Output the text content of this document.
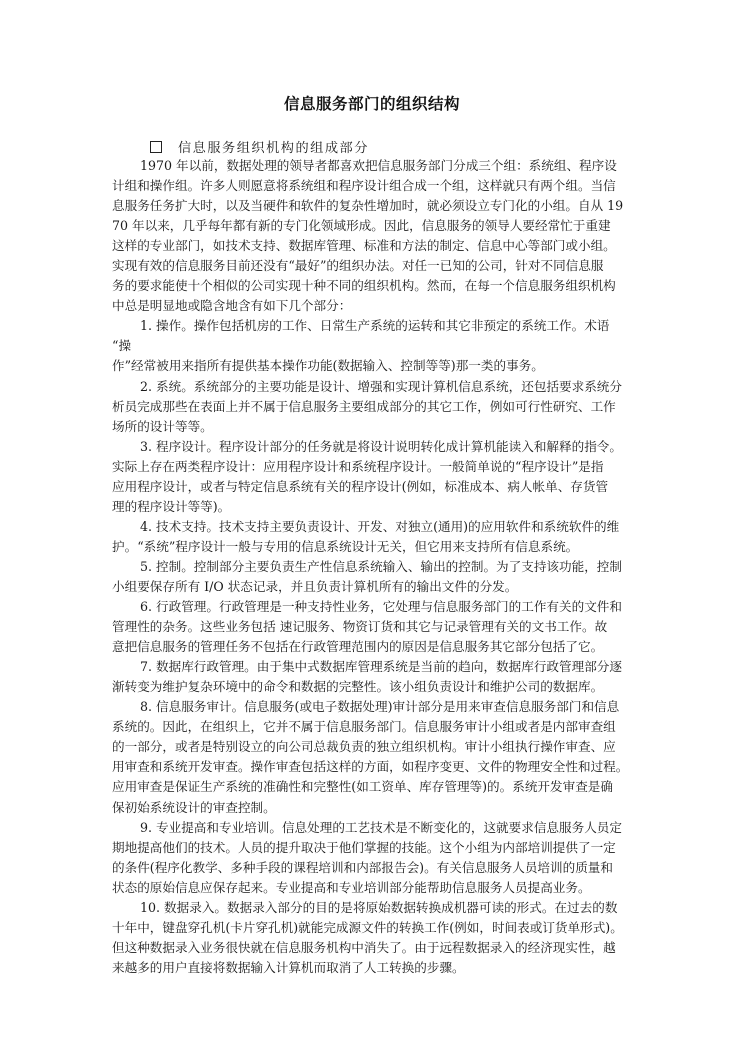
信息服务部门的组织结构
信息服务组织机构的组成部分
1970 年以前，数据处理的领导者都喜欢把信息服务部门分成三个组：系统组、程序设
计组和操作组。许多人则愿意将系统组和程序设计组合成一个组，这样就只有两个组。当信
息服务任务扩大时，以及当硬件和软件的复杂性增加时，就必须设立专门化的小组。自从 19
70 年以来，几乎每年都有新的专门化领域形成。因此，信息服务的领导人要经常忙于重建
这样的专业部门，如技术支持、数据库管理、标准和方法的制定、信息中心等部门或小组。
实现有效的信息服务目前还没有“最好”的组织办法。对任一已知的公司，针对不同信息服
务的要求能使十个相似的公司实现十种不同的组织机构。然而，在每一个信息服务组织机构
中总是明显地或隐含地含有如下几个部分：
1. 操作。操作包括机房的工作、日常生产系统的运转和其它非预定的系统工作。术语
“操
作”经常被用来指所有提供基本操作功能(数据输入、控制等等)那一类的事务。
2. 系统。系统部分的主要功能是设计、增强和实现计算机信息系统，还包括要求系统分
析员完成那些在表面上并不属于信息服务主要组成部分的其它工作，例如可行性研究、工作
场所的设计等等。
3. 程序设计。程序设计部分的任务就是将设计说明转化成计算机能读入和解释的指令。
实际上存在两类程序设计：应用程序设计和系统程序设计。一般简单说的“程序设计”是指
应用程序设计，或者与特定信息系统有关的程序设计(例如，标准成本、病人帐单、存货管
理的程序设计等等)。
4. 技术支持。技术支持主要负责设计、开发、对独立(通用)的应用软件和系统软件的维
护。“系统”程序设计一般与专用的信息系统设计无关，但它用来支持所有信息系统。
5. 控制。控制部分主要负责生产性信息系统输入、输出的控制。为了支持该功能，控制
小组要保存所有 I/O 状态记录，并且负责计算机所有的输出文件的分发。
6. 行政管理。行政管理是一种支持性业务，它处理与信息服务部门的工作有关的文件和
管理性的杂务。这些业务包括 速记服务、物资订货和其它与记录管理有关的文书工作。故
意把信息服务的管理任务不包括在行政管理范围内的原因是信息服务其它部分包括了它。
7. 数据库行政管理。由于集中式数据库管理系统是当前的趋向，数据库行政管理部分逐
渐转变为维护复杂环境中的命令和数据的完整性。该小组负责设计和维护公司的数据库。
8. 信息服务审计。信息服务(或电子数据处理)审计部分是用来审查信息服务部门和信息
系统的。因此，在组织上，它并不属于信息服务部门。信息服务审计小组或者是内部审查组
的一部分，或者是特别设立的向公司总裁负责的独立组织机构。审计小组执行操作审查、应
用审查和系统开发审查。操作审查包括这样的方面，如程序变更、文件的物理安全性和过程。
应用审查是保证生产系统的准确性和完整性(如工资单、库存管理等)的。系统开发审查是确
保初始系统设计的审查控制。
9. 专业提高和专业培训。信息处理的工艺技术是不断变化的，这就要求信息服务人员定
期地提高他们的技术。人员的提升取决于他们掌握的技能。这个小组为内部培训提供了一定
的条件(程序化教学、多种手段的课程培训和内部报告会)。有关信息服务人员培训的质量和
状态的原始信息应保存起来。专业提高和专业培训部分能帮助信息服务人员提高业务。
10. 数据录入。数据录入部分的目的是将原始数据转换成机器可读的形式。在过去的数
十年中，键盘穿孔机(卡片穿孔机)就能完成源文件的转换工作(例如，时间表或订货单形式)。
但这种数据录入业务很快就在信息服务机构中消失了。由于远程数据录入的经济现实性，越
来越多的用户直接将数据输入计算机而取消了人工转换的步骤。
